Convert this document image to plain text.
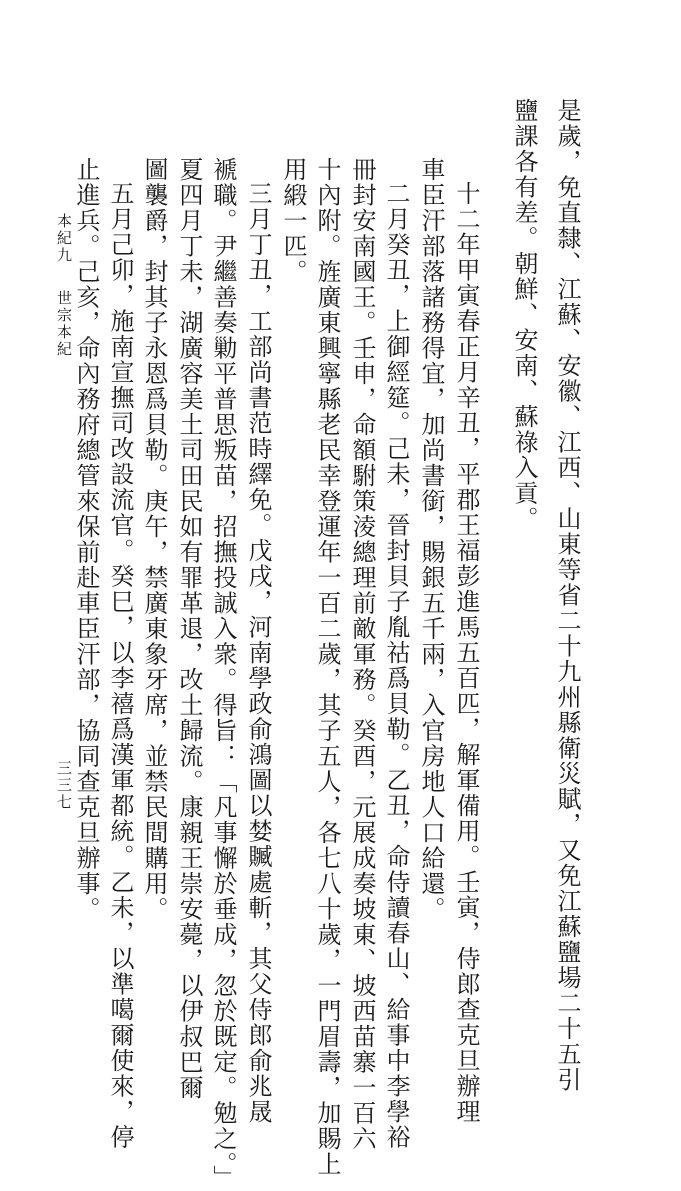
是歲，免直隸、江蘇、安徽、江西、山東等省二十九州縣衛災賦，又免江蘇鹽場二十五引
鹽課各有差。朝鮮、安南、蘇祿入貢。
十二年甲寅春正月辛丑，平郡王福彭進馬五百匹，解軍備用。壬寅，侍郎查克旦辦理
車臣汗部落諸務得宜，加尚書銜，賜銀五千兩，入官房地人口給還。
二月癸丑，上御經筵。己未，晉封貝子胤祜爲貝勒。乙丑，命侍讀春山、給事中李學裕
冊封安南國王。壬申，命額駙策淩總理前敵軍務。癸酉，元展成奏坡東、坡西苗寨一百六
十內附。旌廣東興寧縣老民幸登運年一百二歲，其子五人，各七八十歲，一門眉壽，加賜上
用緞一匹。
三月丁丑，工部尚書范時繹免。戊戌，河南學政俞鴻圖以婪贓處斬，其父侍郎俞兆晟
褫職。尹繼善奏勦平普思叛苗，招撫投誠入衆。得旨：「凡事懈於垂成，忽於既定。勉之。」
夏四月丁未，湖廣容美土司田民如有罪革退，改土歸流。康親王崇安薨，以伊叔巴爾
圖襲爵，封其子永恩爲貝勒。庚午，禁廣東象牙席，並禁民間購用。
五月己卯，施南宣撫司改設流官。癸巳，以李禧爲漢軍都統。乙未，以準噶爾使來，停
止進兵。己亥，命內務府總管來保前赴車臣汗部，協同查克旦辦事。
本紀九
世宗本紀
三三七
